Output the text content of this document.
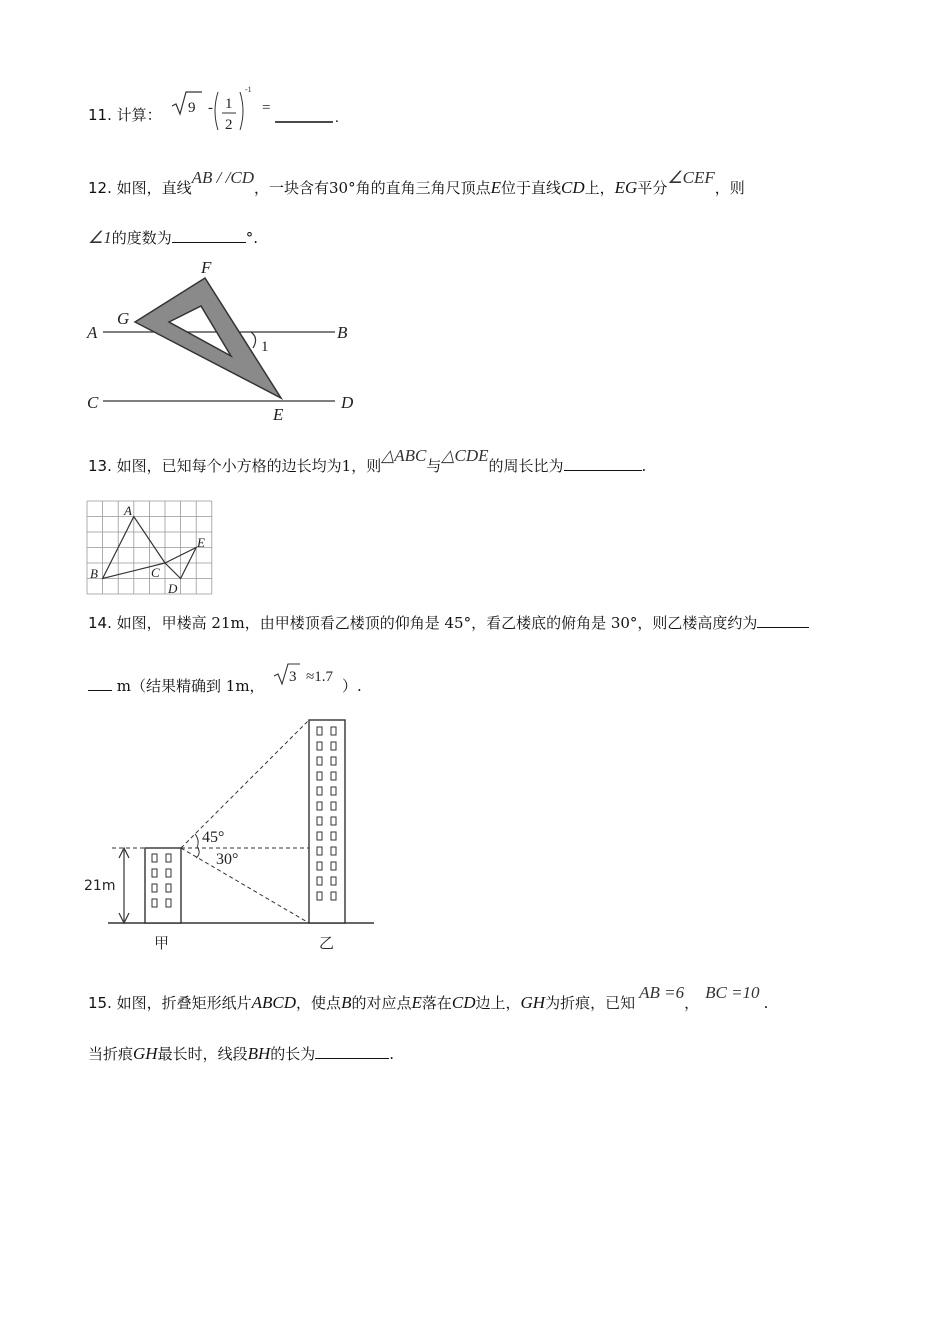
11. 计算： 9 - 1
2
-1
=
.
12. 如图，直线AB / /CD，一块含有30°角的直角三角尺顶点E位于直线CD上，EG平分∠CEF，则
∠1的度数为	°.
F
G
A	B
1
C	D
E
13. 如图，已知每个小方格的边长均为1，则△ABC与△CDE的周长比为	.
A
B	C
D
E
14. 如图，甲楼高 21m，由甲楼顶看乙楼顶的仰角是 45°，看乙楼底的俯角是 30°，则乙楼高度约为
m（结果精确到 1m， 3 ≈1.7 ）.
21m
45°
30°
甲	乙
15. 如图，折叠矩形纸片ABCD，使点B的对应点E落在CD边上，GH为折痕，已知AB =6，BC =10.
当折痕GH最长时，线段BH的长为	.
